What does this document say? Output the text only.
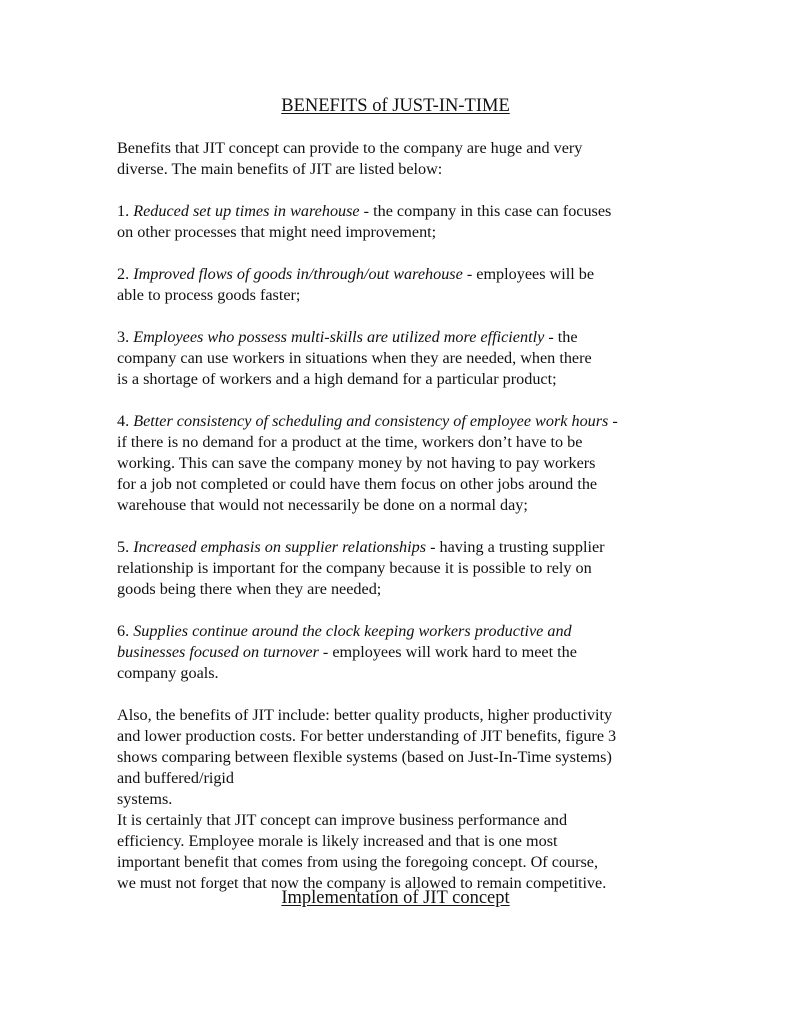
BENEFITS of JUST-IN-TIME

Benefits that JIT concept can provide to the company are huge and very
diverse. The main benefits of JIT are listed below:

1. Reduced set up times in warehouse - the company in this case can focuses
on other processes that might need improvement;

2. Improved flows of goods in/through/out warehouse - employees will be
able to process goods faster;

3. Employees who possess multi-skills are utilized more efficiently - the
company can use workers in situations when they are needed, when there
is a shortage of workers and a high demand for a particular product;

4. Better consistency of scheduling and consistency of employee work hours -
if there is no demand for a product at the time, workers don’t have to be
working. This can save the company money by not having to pay workers
for a job not completed or could have them focus on other jobs around the
warehouse that would not necessarily be done on a normal day;

5. Increased emphasis on supplier relationships - having a trusting supplier
relationship is important for the company because it is possible to rely on
goods being there when they are needed;

6. Supplies continue around the clock keeping workers productive and
businesses focused on turnover - employees will work hard to meet the
company goals.

Also, the benefits of JIT include: better quality products, higher productivity
and lower production costs. For better understanding of JIT benefits, figure 3
shows comparing between flexible systems (based on Just-In-Time systems)
and buffered/rigid
systems.
It is certainly that JIT concept can improve business performance and
efficiency. Employee morale is likely increased and that is one most
important benefit that comes from using the foregoing concept. Of course,
we must not forget that now the company is allowed to remain competitive.

Implementation of JIT concept
